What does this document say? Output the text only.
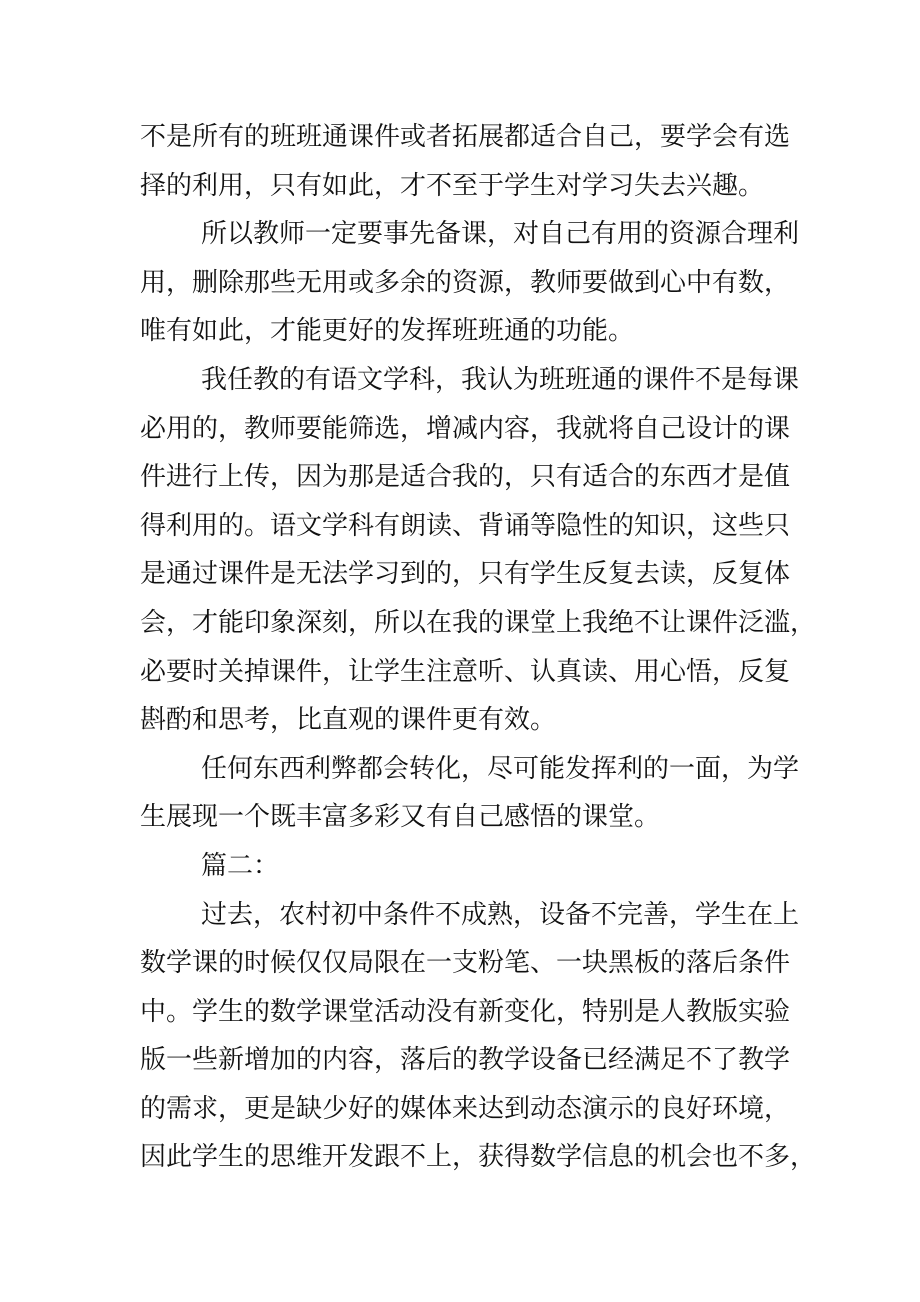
不是所有的班班通课件或者拓展都适合自己，要学会有选
择的利用，只有如此，才不至于学生对学习失去兴趣。

所以教师一定要事先备课，对自己有用的资源合理利
用，删除那些无用或多余的资源，教师要做到心中有数，
唯有如此，才能更好的发挥班班通的功能。

我任教的有语文学科，我认为班班通的课件不是每课
必用的，教师要能筛选，增减内容，我就将自己设计的课
件进行上传，因为那是适合我的，只有适合的东西才是值
得利用的。语文学科有朗读、背诵等隐性的知识，这些只
是通过课件是无法学习到的，只有学生反复去读，反复体
会，才能印象深刻，所以在我的课堂上我绝不让课件泛滥，
必要时关掉课件，让学生注意听、认真读、用心悟，反复
斟酌和思考，比直观的课件更有效。

任何东西利弊都会转化，尽可能发挥利的一面，为学
生展现一个既丰富多彩又有自己感悟的课堂。

篇二：

过去，农村初中条件不成熟，设备不完善，学生在上
数学课的时候仅仅局限在一支粉笔、一块黑板的落后条件
中。学生的数学课堂活动没有新变化，特别是人教版实验
版一些新增加的内容，落后的教学设备已经满足不了教学
的需求，更是缺少好的媒体来达到动态演示的良好环境，
因此学生的思维开发跟不上，获得数学信息的机会也不多，
